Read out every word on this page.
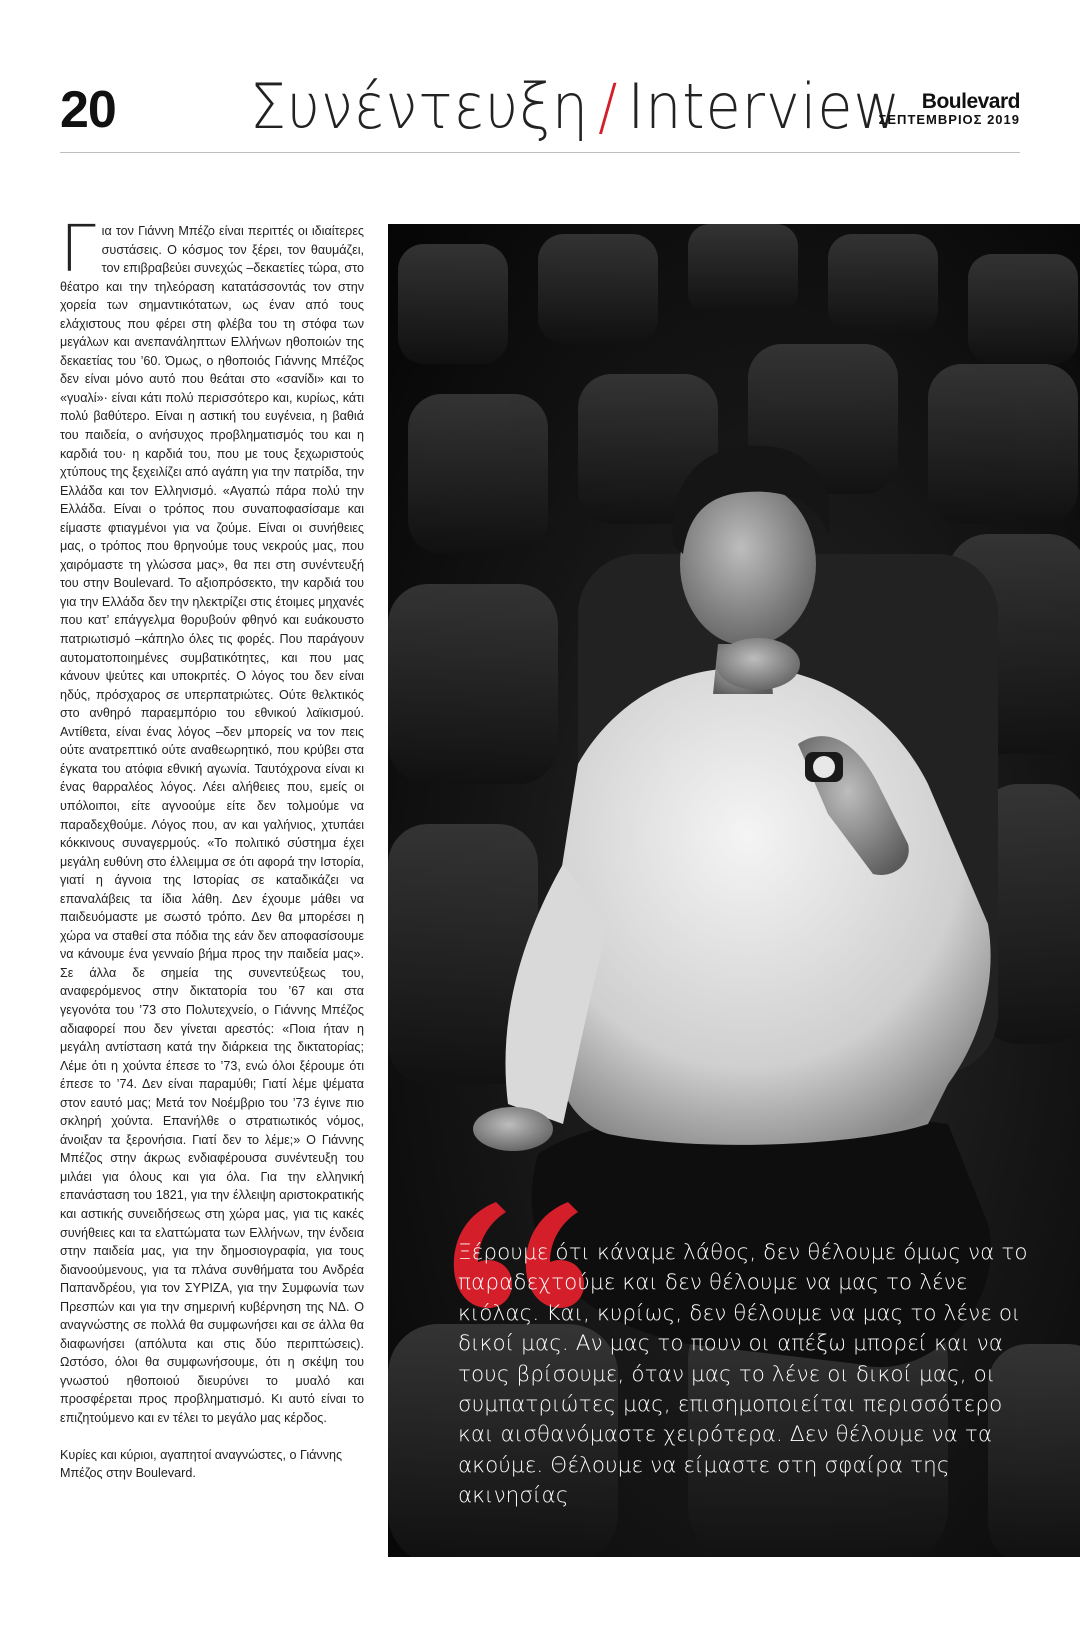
20 Συνέντευξη / Interview Boulevard
ΣΕΠΤΕΜΒΡΙΟΣ 2019

Για τον Γιάννη Μπέζο είναι περιττές οι ιδιαίτερες συστάσεις. Ο κόσμος τον ξέρει, τον θαυμάζει, τον επιβραβεύει συνεχώς –δεκαετίες τώρα, στο θέατρο και την τηλεόραση κατατάσσοντάς τον στην χορεία των σημαντικότατων, ως έναν από τους ελάχιστους που φέρει στη φλέβα του τη στόφα των μεγάλων και ανεπανάληπτων Ελλήνων ηθοποιών της δεκαετίας του ’60. Όμως, ο ηθοποιός Γιάννης Μπέζος δεν είναι μόνο αυτό που θεάται στο «σανίδι» και το «γυαλί»· είναι κάτι πολύ περισσότερο και, κυρίως, κάτι πολύ βαθύτερο. Είναι η αστική του ευγένεια, η βαθιά του παιδεία, ο ανήσυχος προβληματισμός του και η καρδιά του· η καρδιά του, που με τους ξεχωριστούς χτύπους της ξεχειλίζει από αγάπη για την πατρίδα, την Ελλάδα και τον Ελληνισμό. «Αγαπώ πάρα πολύ την Ελλάδα. Είναι ο τρόπος που συναποφασίσαμε και είμαστε φτιαγμένοι για να ζούμε. Είναι οι συνήθειες μας, ο τρόπος που θρηνούμε τους νεκρούς μας, που χαιρόμαστε τη γλώσσα μας», θα πει στη συνέντευξή του στην Boulevard. Το αξιοπρόσεκτο, την καρδιά του για την Ελλάδα δεν την ηλεκτρίζει στις έτοιμες μηχανές που κατ’ επάγγελμα θορυβούν φθηνό και ευάκουστο πατριωτισμό –κάπηλο όλες τις φορές. Που παράγουν αυτοματοποιημένες συμβατικότητες, και που μας κάνουν ψεύτες και υποκριτές. Ο λόγος του δεν είναι ηδύς, πρόσχαρος σε υπερπατριώτες. Ούτε θελκτικός στο ανθηρό παραεμπόριο του εθνικού λαϊκισμού. Αντίθετα, είναι ένας λόγος –δεν μπορείς να τον πεις ούτε ανατρεπτικό ούτε αναθεωρητικό, που κρύβει στα έγκατα του ατόφια εθνική αγωνία. Ταυτόχρονα είναι κι ένας θαρραλέος λόγος. Λέει αλήθειες που, εμείς οι υπόλοιποι, είτε αγνοούμε είτε δεν τολμούμε να παραδεχθούμε. Λόγος που, αν και γαλήνιος, χτυπάει κόκκινους συναγερμούς. «Το πολιτικό σύστημα έχει μεγάλη ευθύνη στο έλλειμμα σε ότι αφορά την Ιστορία, γιατί η άγνοια της Ιστορίας σε καταδικάζει να επαναλάβεις τα ίδια λάθη. Δεν έχουμε μάθει να παιδευόμαστε με σωστό τρόπο. Δεν θα μπορέσει η χώρα να σταθεί στα πόδια της εάν δεν αποφασίσουμε να κάνουμε ένα γενναίο βήμα προς την παιδεία μας». Σε άλλα δε σημεία της συνεντεύξεως του, αναφερόμενος στην δικτατορία του ’67 και στα γεγονότα του ’73 στο Πολυτεχνείο, ο Γιάννης Μπέζος αδιαφορεί που δεν γίνεται αρεστός: «Ποια ήταν η μεγάλη αντίσταση κατά την διάρκεια της δικτατορίας; Λέμε ότι η χούντα έπεσε το ’73, ενώ όλοι ξέρουμε ότι έπεσε το ’74. Δεν είναι παραμύθι; Γιατί λέμε ψέματα στον εαυτό μας; Μετά τον Νοέμβριο του ’73 έγινε πιο σκληρή χούντα. Επανήλθε ο στρατιωτικός νόμος, άνοιξαν τα ξερονήσια. Γιατί δεν το λέμε;» Ο Γιάννης Μπέζος στην άκρως ενδιαφέρουσα συνέντευξη του μιλάει για όλους και για όλα. Για την ελληνική επανάσταση του 1821, για την έλλειψη αριστοκρατικής και αστικής συνειδήσεως στη χώρα μας, για τις κακές συνήθειες και τα ελαττώματα των Ελλήνων, την ένδεια στην παιδεία μας, για την δημοσιογραφία, για τους διανοούμενους, για τα πλάνα συνθήματα του Ανδρέα Παπανδρέου, για τον ΣΥΡΙΖΑ, για την Συμφωνία των Πρεσπών και για την σημερινή κυβέρνηση της ΝΔ. Ο αναγνώστης σε πολλά θα συμφωνήσει και σε άλλα θα διαφωνήσει (απόλυτα και στις δύο περιπτώσεις). Ωστόσο, όλοι θα συμφωνήσουμε, ότι η σκέψη του γνωστού ηθοποιού διευρύνει το μυαλό και προσφέρεται προς προβληματισμό. Κι αυτό είναι το επιζητούμενο και εν τέλει το μεγάλο μας κέρδος.

Κυρίες και κύριοι, αγαπητοί αναγνώστες, ο Γιάννης Μπέζος στην Boulevard.

Ξέρουμε ότι κάναμε λάθος, δεν θέλουμε όμως να το παραδεχτούμε και δεν θέλουμε να μας το λένε κιόλας. Και, κυρίως, δεν θέλουμε να μας το λένε οι δικοί μας. Αν μας το πουν οι απέξω μπορεί και να τους βρίσουμε, όταν μας το λένε οι δικοί μας, οι συμπατριώτες μας, επισημοποιείται περισσότερο και αισθανόμαστε χειρότερα. Δεν θέλουμε να τα ακούμε. Θέλουμε να είμαστε στη σφαίρα της ακινησίας
